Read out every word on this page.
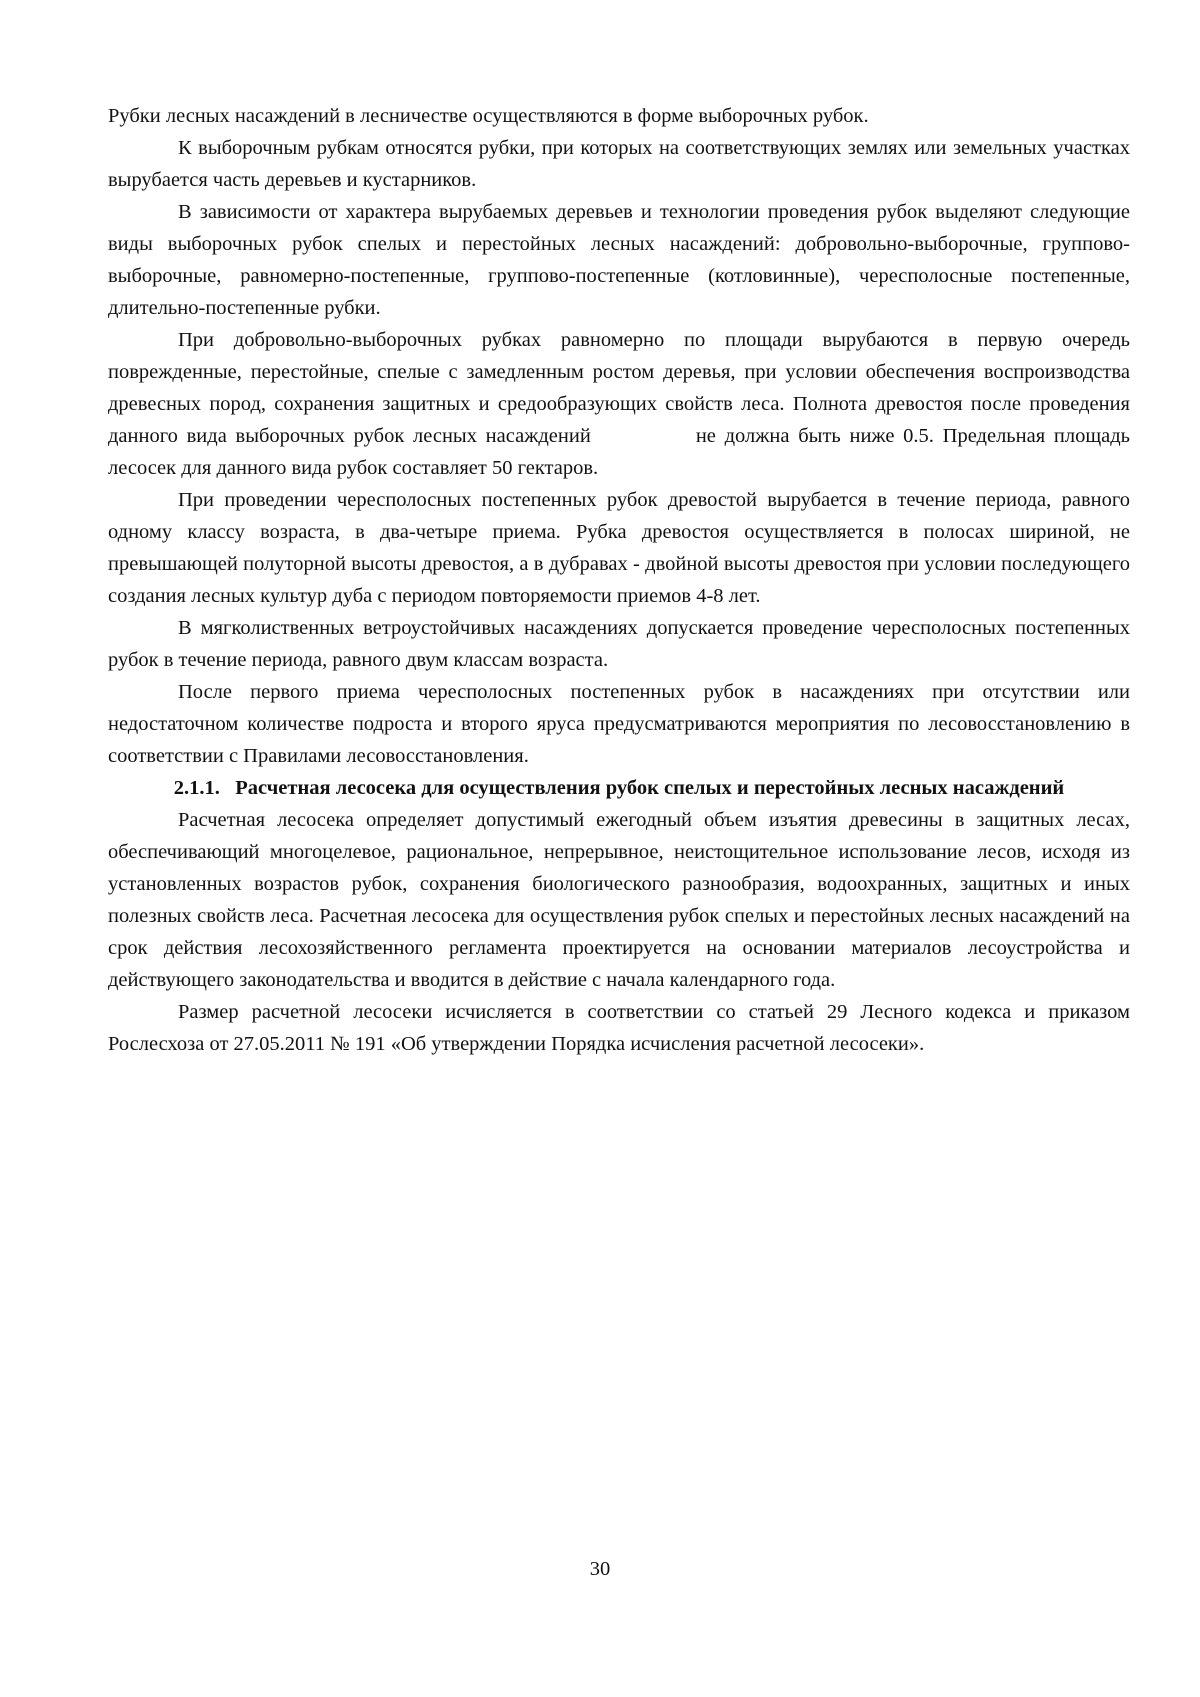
Рубки лесных насаждений в лесничестве осуществляются в форме выборочных рубок.

К выборочным рубкам относятся рубки, при которых на соответствующих землях или земельных участках вырубается часть деревьев и кустарников.

В зависимости от характера вырубаемых деревьев и технологии проведения рубок выделяют следующие виды выборочных рубок спелых и перестойных лесных насаждений: добровольно-выборочные, группово-выборочные, равномерно-постепенные, группово-постепенные (котловинные), чересполосные постепенные, длительно-постепенные рубки.

При добровольно-выборочных рубках равномерно по площади вырубаются в первую очередь поврежденные, перестойные, спелые с замедленным ростом деревья, при условии обеспечения воспроизводства древесных пород, сохранения защитных и средообразующих свойств леса. Полнота древостоя после проведения данного вида выборочных рубок лесных насаждений	не должна быть ниже 0.5. Предельная площадь лесосек для данного вида рубок составляет 50 гектаров.

При проведении чересполосных постепенных рубок древостой вырубается в течение периода, равного одному классу возраста, в два-четыре приема. Рубка древостоя осуществляется в полосах шириной, не превышающей полуторной высоты древостоя, а в дубравах - двойной высоты древостоя при условии последующего создания лесных культур дуба с периодом повторяемости приемов 4-8 лет.

В мягколиственных ветроустойчивых насаждениях допускается проведение чересполосных постепенных рубок в течение периода, равного двум классам возраста.

После первого приема чересполосных постепенных рубок в насаждениях при отсутствии или недостаточном количестве подроста и второго яруса предусматриваются мероприятия по лесовосстановлению в соответствии с Правилами лесовосстановления.

2.1.1. Расчетная лесосека для осуществления рубок спелых и перестойных лесных насаждений

Расчетная лесосека определяет допустимый ежегодный объем изъятия древесины в защитных лесах, обеспечивающий многоцелевое, рациональное, непрерывное, неистощительное использование лесов, исходя из установленных возрастов рубок, сохранения биологического разнообразия, водоохранных, защитных и иных полезных свойств леса. Расчетная лесосека для осуществления рубок спелых и перестойных лесных насаждений на срок действия лесохозяйственного регламента проектируется на основании материалов лесоустройства и действующего законодательства и вводится в действие с начала календарного года.

Размер расчетной лесосеки исчисляется в соответствии со статьей 29 Лесного кодекса и приказом Рослесхоза от 27.05.2011 № 191 «Об утверждении Порядка исчисления расчетной лесосеки».

30
